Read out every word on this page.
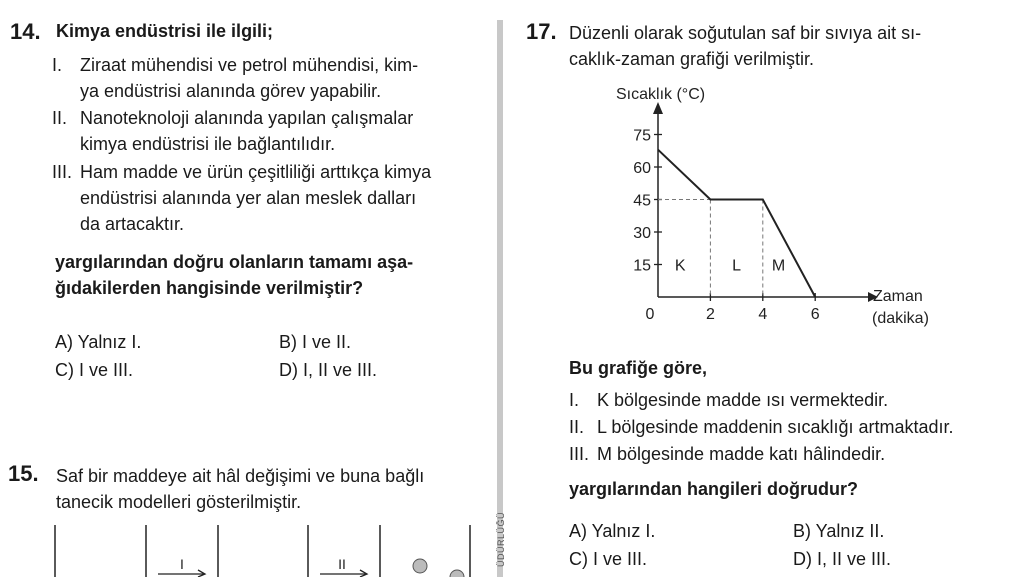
ÜDÜRLÜĞÜ
14. Kimya endüstrisi ile ilgili;
I. Ziraat mühendisi ve petrol mühendisi, kim-
ya endüstrisi alanında görev yapabilir.
II. Nanoteknoloji alanında yapılan çalışmalar
kimya endüstrisi ile bağlantılıdır.
III. Ham madde ve ürün çeşitliliği arttıkça kimya
endüstrisi alanında yer alan meslek dalları
da artacaktır.
yargılarından doğru olanların tamamı aşa-
ğıdakilerden hangisinde verilmiştir?
A) Yalnız I.	B) I ve II.
C) I ve III.	D) I, II ve III.
15. Saf bir maddeye ait hâl değişimi ve buna bağlı
tanecik modelleri gösterilmiştir.
I	II
17. Düzenli olarak soğutulan saf bir sıvıya ait sı-
caklık-zaman grafiği verilmiştir.
Sıcaklık (°C)
Zaman
(dakika)
15
30
45
60
75
0	2	4	6
K	L M
Bu grafiğe göre,
I. K bölgesinde madde ısı vermektedir.
II. L bölgesinde maddenin sıcaklığı artmaktadır.
III. M bölgesinde madde katı hâlindedir.
yargılarından hangileri doğrudur?
A) Yalnız I.	B) Yalnız II.
C) I ve III.	D) I, II ve III.
